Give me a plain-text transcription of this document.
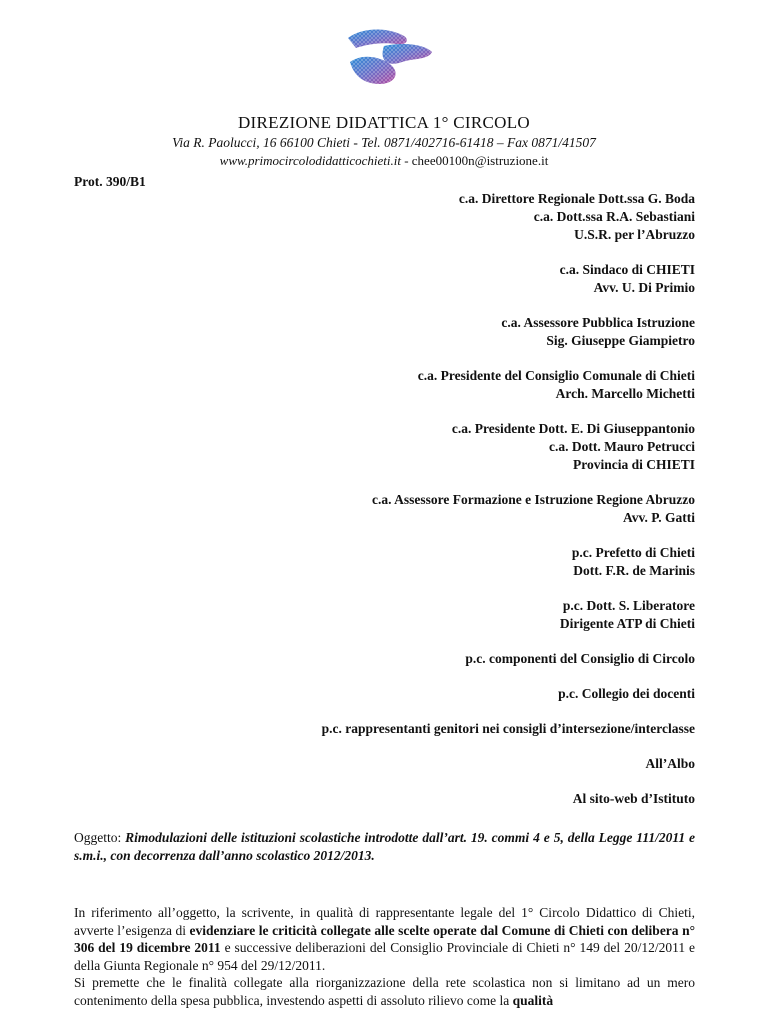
DIREZIONE DIDATTICA 1° CIRCOLO
Via R. Paolucci, 16 66100 Chieti - Tel. 0871/402716-61418 – Fax 0871/41507
www.primocircolodidatticochieti.it - chee00100n@istruzione.it
Prot. 390/B1
c.a. Direttore Regionale Dott.ssa G. Boda
c.a. Dott.ssa R.A. Sebastiani
U.S.R. per l’Abruzzo
c.a. Sindaco di CHIETI
Avv. U. Di Primio
c.a. Assessore Pubblica Istruzione
Sig. Giuseppe Giampietro
c.a. Presidente del Consiglio Comunale di Chieti
Arch. Marcello Michetti
c.a. Presidente Dott. E. Di Giuseppantonio
c.a. Dott. Mauro Petrucci
Provincia di CHIETI
c.a. Assessore Formazione e Istruzione Regione Abruzzo
Avv. P. Gatti
p.c. Prefetto di Chieti
Dott. F.R. de Marinis
p.c. Dott. S. Liberatore
Dirigente ATP di Chieti
p.c. componenti del Consiglio di Circolo
p.c. Collegio dei docenti
p.c. rappresentanti genitori nei consigli d’intersezione/interclasse
All’Albo
Al sito-web d’Istituto
Oggetto: Rimodulazioni delle istituzioni scolastiche introdotte dall’art. 19. commi 4 e 5, della Legge 111/2011 e s.m.i., con decorrenza dall’anno scolastico 2012/2013.
In riferimento all’oggetto, la scrivente, in qualità di rappresentante legale del 1° Circolo Didattico di Chieti, avverte l’esigenza di evidenziare le criticità collegate alle scelte operate dal Comune di Chieti con delibera n° 306 del 19 dicembre 2011 e successive deliberazioni del Consiglio Provinciale di Chieti n° 149 del 20/12/2011 e della Giunta Regionale n° 954 del 29/12/2011.
Si premette che le finalità collegate alla riorganizzazione della rete scolastica non si limitano ad un mero contenimento della spesa pubblica, investendo aspetti di assoluto rilievo come la qualità
